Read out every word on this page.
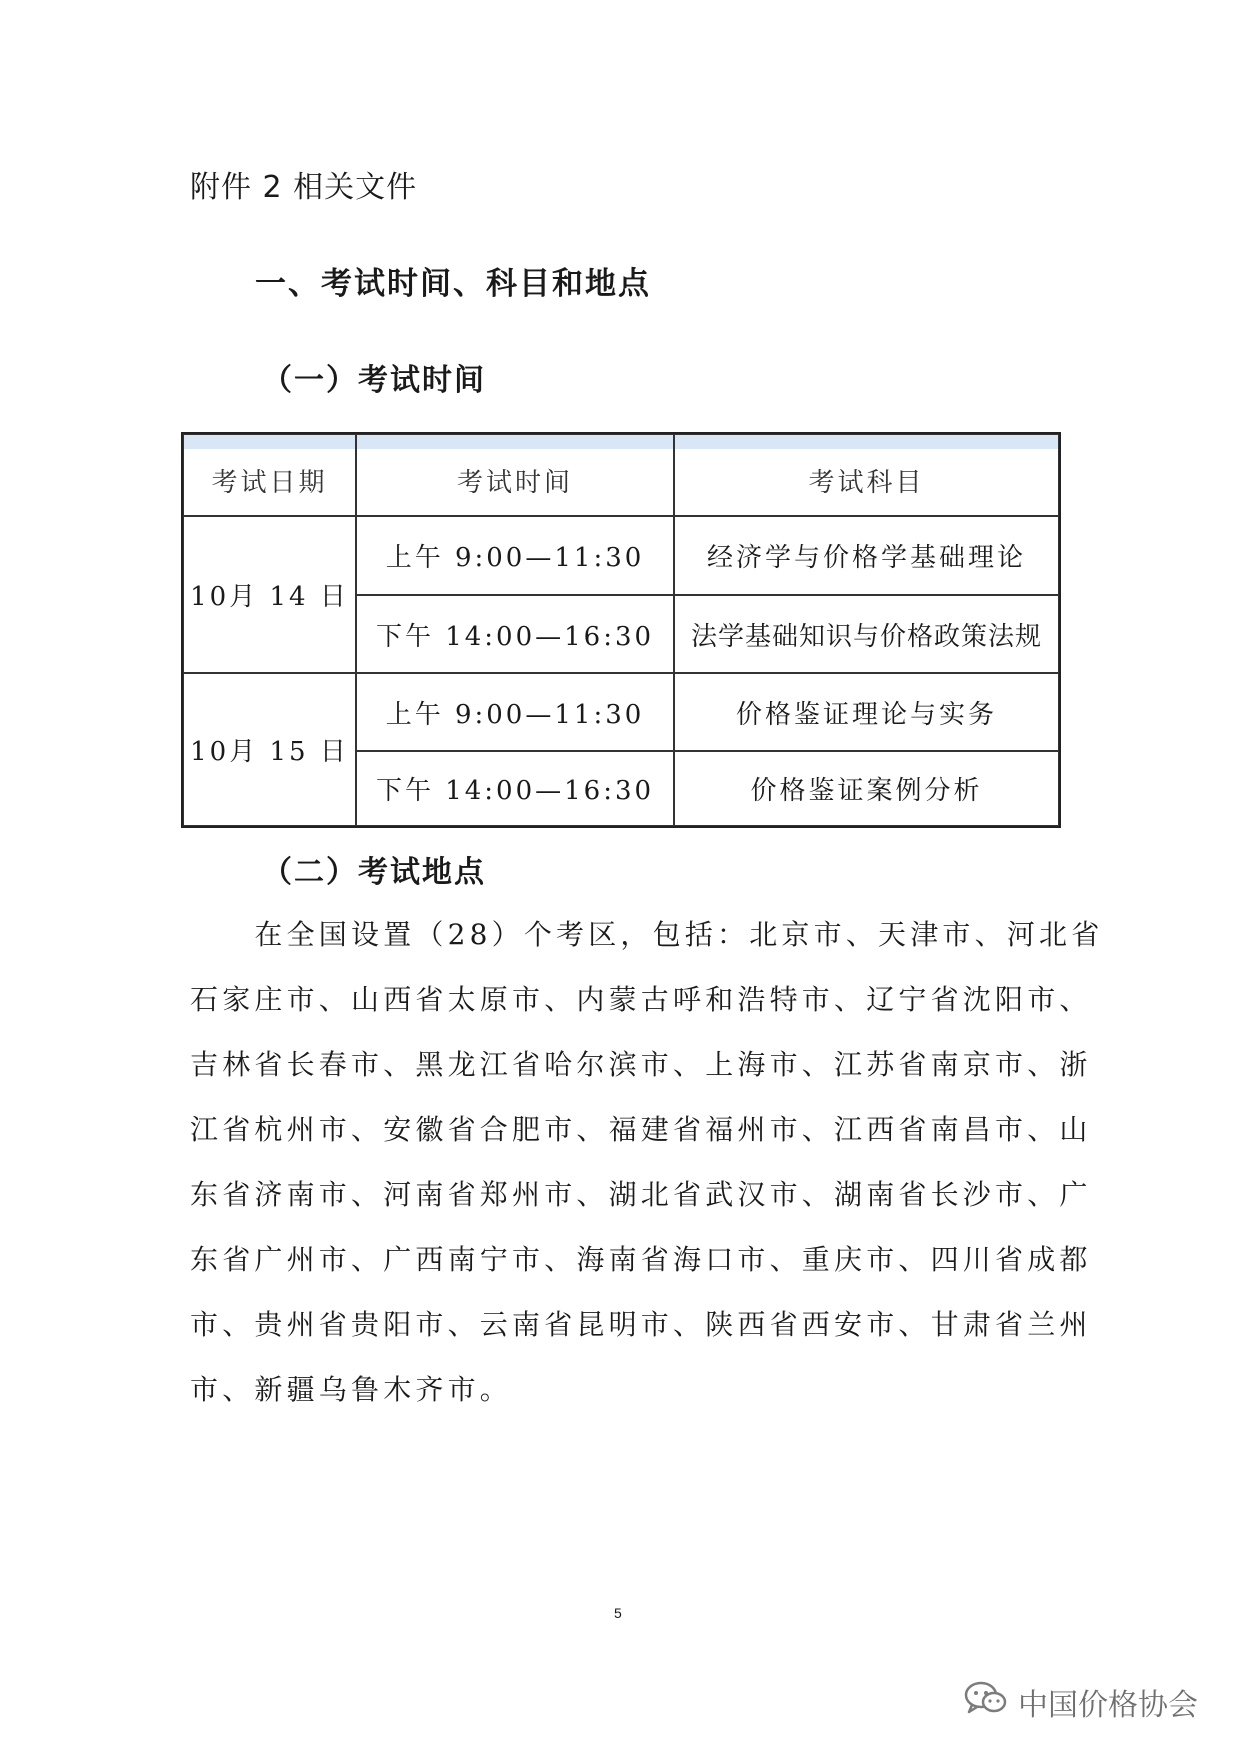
附件 2 相关文件
一、考试时间、科目和地点
（一）考试时间
考试日期	考试时间	考试科目
10月 14 日
上午 9:00—11:30	经济学与价格学基础理论
下午 14:00—16:30	法学基础知识与价格政策法规
10月 15 日
上午 9:00—11:30	价格鉴证理论与实务
下午 14:00—16:30	价格鉴证案例分析
（二）考试地点
　　在全国设置（28）个考区，包括：北京市、天津市、河北省
石家庄市、山西省太原市、内蒙古呼和浩特市、辽宁省沈阳市、
吉林省长春市、黑龙江省哈尔滨市、上海市、江苏省南京市、浙
江省杭州市、安徽省合肥市、福建省福州市、江西省南昌市、山
东省济南市、河南省郑州市、湖北省武汉市、湖南省长沙市、广
东省广州市、广西南宁市、海南省海口市、重庆市、四川省成都
市、贵州省贵阳市、云南省昆明市、陕西省西安市、甘肃省兰州
市、新疆乌鲁木齐市。
5
中国价格协会
